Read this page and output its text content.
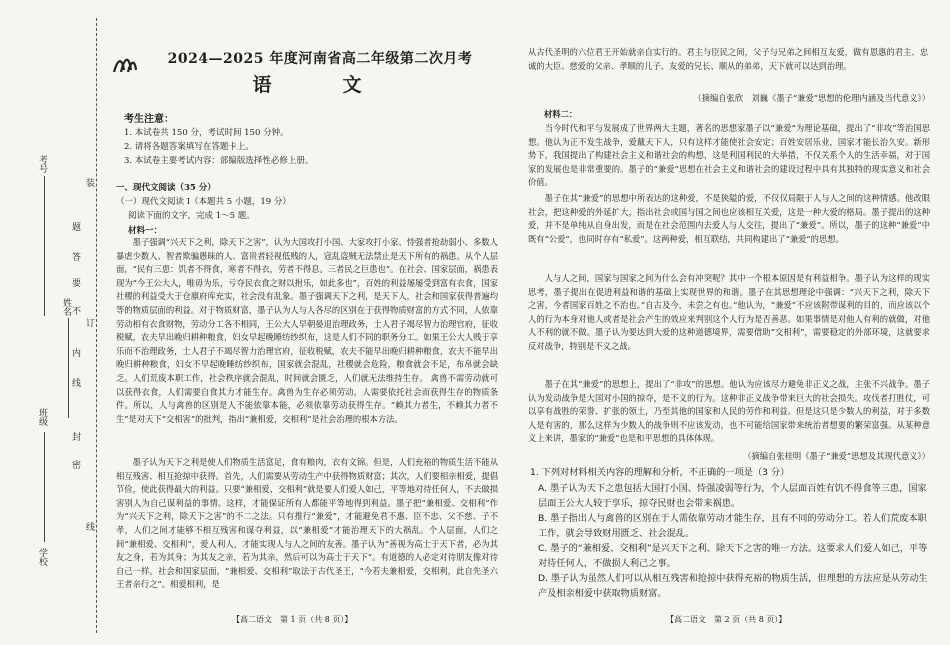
考号
姓名
班级
学校
装
订
线
题
答
要
不
内
线
封
密
2024—2025 年度河南省高二年级第二次月考
语　文
考生注意：
1. 本试卷共 150 分，考试时间 150 分钟。
2. 请将各题答案填写在答题卡上。
3. 本试卷主要考试内容：部编版选择性必修上册。
一、现代文阅读（35 分）
（一）现代文阅读 I（本题共 5 小题，19 分）
阅读下面的文字，完成 1～5 题。
材料一：
墨子强调“兴天下之利，除天下之害”，认为大国攻打小国、大家攻打小家、恃强者抢劫弱小、多数人暴虐少数人、智者欺骗愚昧的人、富贵者轻视低贱的人，寇乱盗贼无法禁止是天下所有的祸患。从个人层面，“民有三患：饥者不得食，寒者不得衣，劳者不得息。三者民之巨患也”。在社会、国家层面，祸患表现为“今王公大人，唯毋为乐，亏夺民衣食之财以拊乐，如此多也”，百姓的利益屡屡受到富有衣食，国家社稷的利益受大于仓廪府库充实，社会没有乱象。墨子强调天下之利，是天下人，社会和国家获得普遍均等的物质层面的利益。对于物质财富，墨子认为人与人各尽的区别在于获得物质财富的方式不同，人依靠劳动相有衣食财物，劳动分工各不相同，王公大人早朝晏退治理政务，士人君子竭尽智力治理官府，征收税赋，农夫早出晚归耕种粮食，妇女早起晚睡纺纱织布，这是人们不同的职务分工。如果王公大人贱于享乐而不治理政务，士人君子不竭尽智力治理官府，征收税赋，农夫不能早出晚归耕种粮食，农夫不能早出晚归耕种粮食，妇女不早起晚睡纺纱织布，国家就会混乱，社稷就会危险，粮食就会不足，布帛就会缺乏。人们荒废本职工作，社会秩序就会混乱，时间就会匮乏，人们就无法维持生存。 禽兽不需劳动就可以获得衣食，人们需要自食其力才能生存。禽兽为生存必须劳动，人需要依托社会而获得生存的物质条件。所以，人与禽兽的区别是人不能依靠本能，必须依靠劳动获得生存。“赖其力者生，不赖其力者不生”是对天下“交相害”的批判，指出“兼相爱，交相利”是社会治理的根本方法。
墨子认为天下之利是使人们物质生活富足，食有粮肉，衣有文锦。但是，人们充裕的物质生活不能从相互残害、相互抢掠中获得。首先，人们需要从劳动生产中获得物质财富；其次，人们要相亲相爱，提倡节俭，使此获得最大的利益。只要“兼相爱、交相利”就是要人们爱人如己，平等地对待任何人，不去做损害别人为自己谋利益的事情。这样，才能保证所有人都能平等地得到利益。墨子把“兼相爱、交相利”作为“兴天下之利，除天下之害”的不二之法。只有推行“兼爱”，才能避免君不惠、臣不忠、父不慈、子不孝，人们之间才能够不相互残害和谋夺利益，以“兼相爱”才能治理天下的大祸乱。个人层面，人们之间“兼相爱、交相利”，爱人利人，才能实现人与人之间的友善。墨子认为“善视为高士于天下者，必为其友之身，若为其身；为其友之亲，若为其亲，然后可以为高士于天下”。有道德的人必定对待朋友像对待自己一样。社会和国家层面，“兼相爱、交相利”取法于古代圣王，“今若夫兼相爱，交相利，此自先圣六王者亲行之”。相爱相利，是
【高二语文　第 1 页（共 8 页）】
从古代圣明的六位君王开始就亲自实行的。君主与臣民之间，父子与兄弟之间相互友爱，做有恩惠的君主、忠诚的大臣、慈爱的父亲、孝顺的儿子、友爱的兄长、顺从的弟弟，天下就可以达到治理。
（摘编自张欣　刘巍《墨子“兼爱”思想的伦理内涵及当代意义》）
材料二：
当今时代和平与发展成了世界两大主题，著名的思想家墨子以“兼爱”为理论基础，提出了“非攻”等治国思想。他认为正不发生战争，爱戴天下人，只有这样才能使社会安定；百姓安居乐业，国家才能长治久安。新形势下，我国提出了构建社会主义和谐社会的构想，这是利国利民的大举措，不仅关系个人的生活幸福，对于国家的发展也是非常重要的。墨子的“兼爱”思想在社会主义和谐社会的建设过程中具有其独特的现实意义和社会价值。
墨子在其“兼爱”的思想中所表达的这种爱，不是狭隘的爱，不仅仅局限于人与人之间的这种情感。他改眼社会，把这种爱的外延扩大，指出社会或国与国之间也应该相互关爱，这是一种大爱的格局。墨子提出的这种爱，并不是单纯从自身出发，而是在社会范围内去爱人与人交往，提出了“兼爱”。所以，墨子的这种“兼爱”中既有“公爱”，也同时存有“私爱”。这两种爱，相互联结，共同构建出了“兼爱”的思想。
人与人之间，国家与国家之间为什么会有冲突呢？其中一个根本原因是有利益相争。墨子认为这样的现实思考，墨子提出在促进利益和谐的基础上实现世界的和谐。墨子在其思想理论中强调：“兴天下之利，除天下之害，今者国家百姓之不治也。”自古及今，未尝之有也。”他认为，“兼爱”不应该附带谋利的目的，而应该以个人的行为本身对他人或者是社会产生的效应来判别这个人行为是否善恶。如果事情是对他人有利的就做，对他人不利的就不做。墨子认为要达到大爱的这种道德境界，需要借助“交相利”，需要稳定的外部环境，这就要求反对战争，特别是不义之战。
墨子在其“兼爱”的思想上，提出了“非攻”的思想。他认为应该尽力避免非正义之战，主张不兴战争。墨子认为发动战争是大国对小国的掠夺，是不义的行为。这种非正义战争带来巨大的社会损失。攻伐者打胜仗，可以享有战胜的荣誉、扩张的领土，乃至其他的国家和人民的劳作和利益。但是这只是少数人的利益，对于多数人是有害的，那么这样为少数人的战争则不应该发动，也不可能给国家带来统治者想要的繁荣富强。从某种意义上来讲，墨家的“兼爱”也是和平思想的具体体现。
（摘编自张桂明《墨子“兼爱”思想及其现代意义》）
1. 下列对材料相关内容的理解和分析，不正确的一项是（3 分）
A. 墨子认为天下之患包括大国打小国、恃强凌弱等行为，个人层面百姓有饥不得食等三患，国家层面王公大人较于享乐，掠夺民财也会带来祸患。
B. 墨子指出人与禽兽的区别在于人需依靠劳动才能生存，且有不同的劳动分工。若人们荒废本职工作，就会导致财用匮乏、社会混乱。
C. 墨子的“兼相爱、交相利”是兴天下之利、除天下之害的唯一方法。这要求人们爱人如己，平等对待任何人，不做损人利己之事。
D. 墨子认为虽然人们可以从相互残害和抢掠中获得充裕的物质生活，但理想的方法应是从劳动生产及相亲相爱中获取物质财富。
【高二语文　第 2 页（共 8 页）】
